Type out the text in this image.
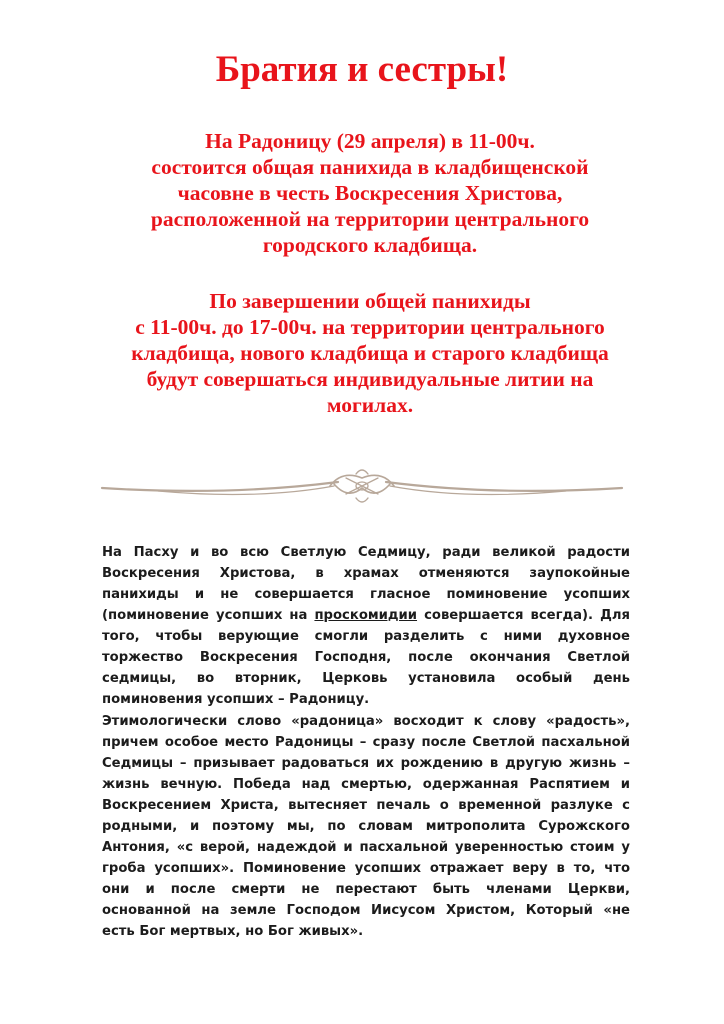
Братия и сестры!
На Радоницу (29 апреля) в 11-00ч.
состоится общая панихида в кладбищенской
часовне в честь Воскресения Христова,
расположенной на территории центрального
городского кладбища.
По завершении общей панихиды
с 11-00ч. до 17-00ч. на территории центрального
кладбища, нового кладбища и старого кладбища
будут совершаться индивидуальные литии на
могилах.
На Пасху и во всю Светлую Седмицу, ради великой радости
Воскресения Христова, в храмах отменяются заупокойные
панихиды и не совершается гласное поминовение усопших
(поминовение усопших на проскомидии совершается всегда). Для
того, чтобы верующие смогли разделить с ними духовное
торжество Воскресения Господня, после окончания Светлой
седмицы, во вторник, Церковь установила особый день
поминовения усопших – Радоницу.
Этимологически слово «радоница» восходит к слову «радость»,
причем особое место Радоницы – сразу после Светлой пасхальной
Седмицы – призывает радоваться их рождению в другую жизнь –
жизнь вечную. Победа над смертью, одержанная Распятием и
Воскресением Христа, вытесняет печаль о временной разлуке с
родными, и поэтому мы, по словам митрополита Сурожского
Антония, «с верой, надеждой и пасхальной уверенностью стоим у
гроба усопших». Поминовение усопших отражает веру в то, что
они и после смерти не перестают быть членами Церкви,
основанной на земле Господом Иисусом Христом, Который «не
есть Бог мертвых, но Бог живых».
